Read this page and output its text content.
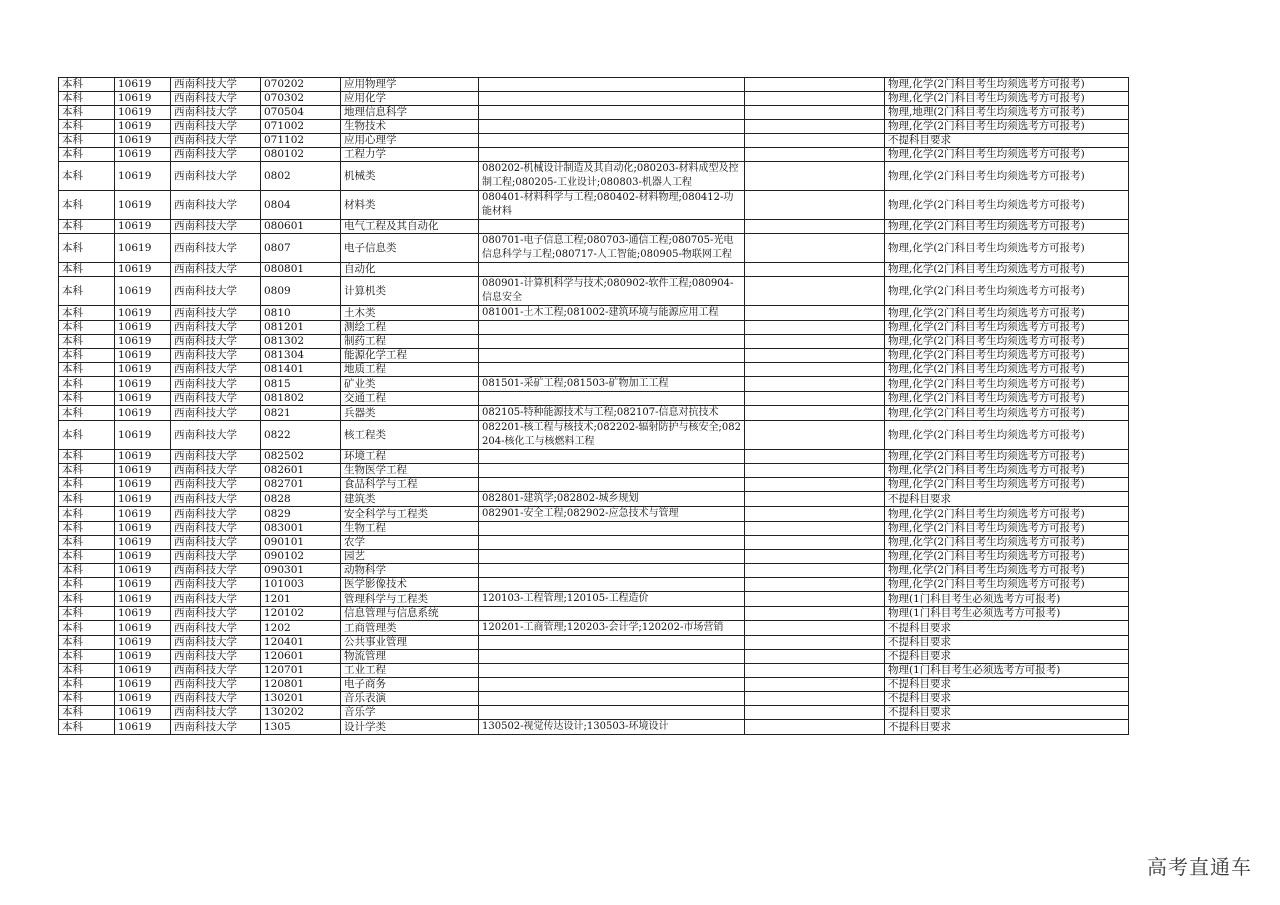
本科	10619	西南科技大学	070202	应用物理学			物理,化学(2门科目考生均须选考方可报考)
本科	10619	西南科技大学	070302	应用化学			物理,化学(2门科目考生均须选考方可报考)
本科	10619	西南科技大学	070504	地理信息科学			物理,地理(2门科目考生均须选考方可报考)
本科	10619	西南科技大学	071002	生物技术			物理,化学(2门科目考生均须选考方可报考)
本科	10619	西南科技大学	071102	应用心理学			不提科目要求
本科	10619	西南科技大学	080102	工程力学			物理,化学(2门科目考生均须选考方可报考)
本科	10619	西南科技大学	0802	机械类	080202-机械设计制造及其自动化;080203-材料成型及控制工程;080205-工业设计;080803-机器人工程		物理,化学(2门科目考生均须选考方可报考)
本科	10619	西南科技大学	0804	材料类	080401-材料科学与工程;080402-材料物理;080412-功能材料		物理,化学(2门科目考生均须选考方可报考)
本科	10619	西南科技大学	080601	电气工程及其自动化			物理,化学(2门科目考生均须选考方可报考)
本科	10619	西南科技大学	0807	电子信息类	080701-电子信息工程;080703-通信工程;080705-光电信息科学与工程;080717-人工智能;080905-物联网工程		物理,化学(2门科目考生均须选考方可报考)
本科	10619	西南科技大学	080801	自动化			物理,化学(2门科目考生均须选考方可报考)
本科	10619	西南科技大学	0809	计算机类	080901-计算机科学与技术;080902-软件工程;080904-信息安全		物理,化学(2门科目考生均须选考方可报考)
本科	10619	西南科技大学	0810	土木类	081001-土木工程;081002-建筑环境与能源应用工程		物理,化学(2门科目考生均须选考方可报考)
本科	10619	西南科技大学	081201	测绘工程			物理,化学(2门科目考生均须选考方可报考)
本科	10619	西南科技大学	081302	制药工程			物理,化学(2门科目考生均须选考方可报考)
本科	10619	西南科技大学	081304	能源化学工程			物理,化学(2门科目考生均须选考方可报考)
本科	10619	西南科技大学	081401	地质工程			物理,化学(2门科目考生均须选考方可报考)
本科	10619	西南科技大学	0815	矿业类	081501-采矿工程;081503-矿物加工工程		物理,化学(2门科目考生均须选考方可报考)
本科	10619	西南科技大学	081802	交通工程			物理,化学(2门科目考生均须选考方可报考)
本科	10619	西南科技大学	0821	兵器类	082105-特种能源技术与工程;082107-信息对抗技术		物理,化学(2门科目考生均须选考方可报考)
本科	10619	西南科技大学	0822	核工程类	082201-核工程与核技术;082202-辐射防护与核安全;082204-核化工与核燃料工程		物理,化学(2门科目考生均须选考方可报考)
本科	10619	西南科技大学	082502	环境工程			物理,化学(2门科目考生均须选考方可报考)
本科	10619	西南科技大学	082601	生物医学工程			物理,化学(2门科目考生均须选考方可报考)
本科	10619	西南科技大学	082701	食品科学与工程			物理,化学(2门科目考生均须选考方可报考)
本科	10619	西南科技大学	0828	建筑类	082801-建筑学;082802-城乡规划		不提科目要求
本科	10619	西南科技大学	0829	安全科学与工程类	082901-安全工程;082902-应急技术与管理		物理,化学(2门科目考生均须选考方可报考)
本科	10619	西南科技大学	083001	生物工程			物理,化学(2门科目考生均须选考方可报考)
本科	10619	西南科技大学	090101	农学			物理,化学(2门科目考生均须选考方可报考)
本科	10619	西南科技大学	090102	园艺			物理,化学(2门科目考生均须选考方可报考)
本科	10619	西南科技大学	090301	动物科学			物理,化学(2门科目考生均须选考方可报考)
本科	10619	西南科技大学	101003	医学影像技术			物理,化学(2门科目考生均须选考方可报考)
本科	10619	西南科技大学	1201	管理科学与工程类	120103-工程管理;120105-工程造价		物理(1门科目考生必须选考方可报考)
本科	10619	西南科技大学	120102	信息管理与信息系统			物理(1门科目考生必须选考方可报考)
本科	10619	西南科技大学	1202	工商管理类	120201-工商管理;120203-会计学;120202-市场营销		不提科目要求
本科	10619	西南科技大学	120401	公共事业管理			不提科目要求
本科	10619	西南科技大学	120601	物流管理			不提科目要求
本科	10619	西南科技大学	120701	工业工程			物理(1门科目考生必须选考方可报考)
本科	10619	西南科技大学	120801	电子商务			不提科目要求
本科	10619	西南科技大学	130201	音乐表演			不提科目要求
本科	10619	西南科技大学	130202	音乐学			不提科目要求
本科	10619	西南科技大学	1305	设计学类	130502-视觉传达设计;130503-环境设计		不提科目要求
高考直通车
